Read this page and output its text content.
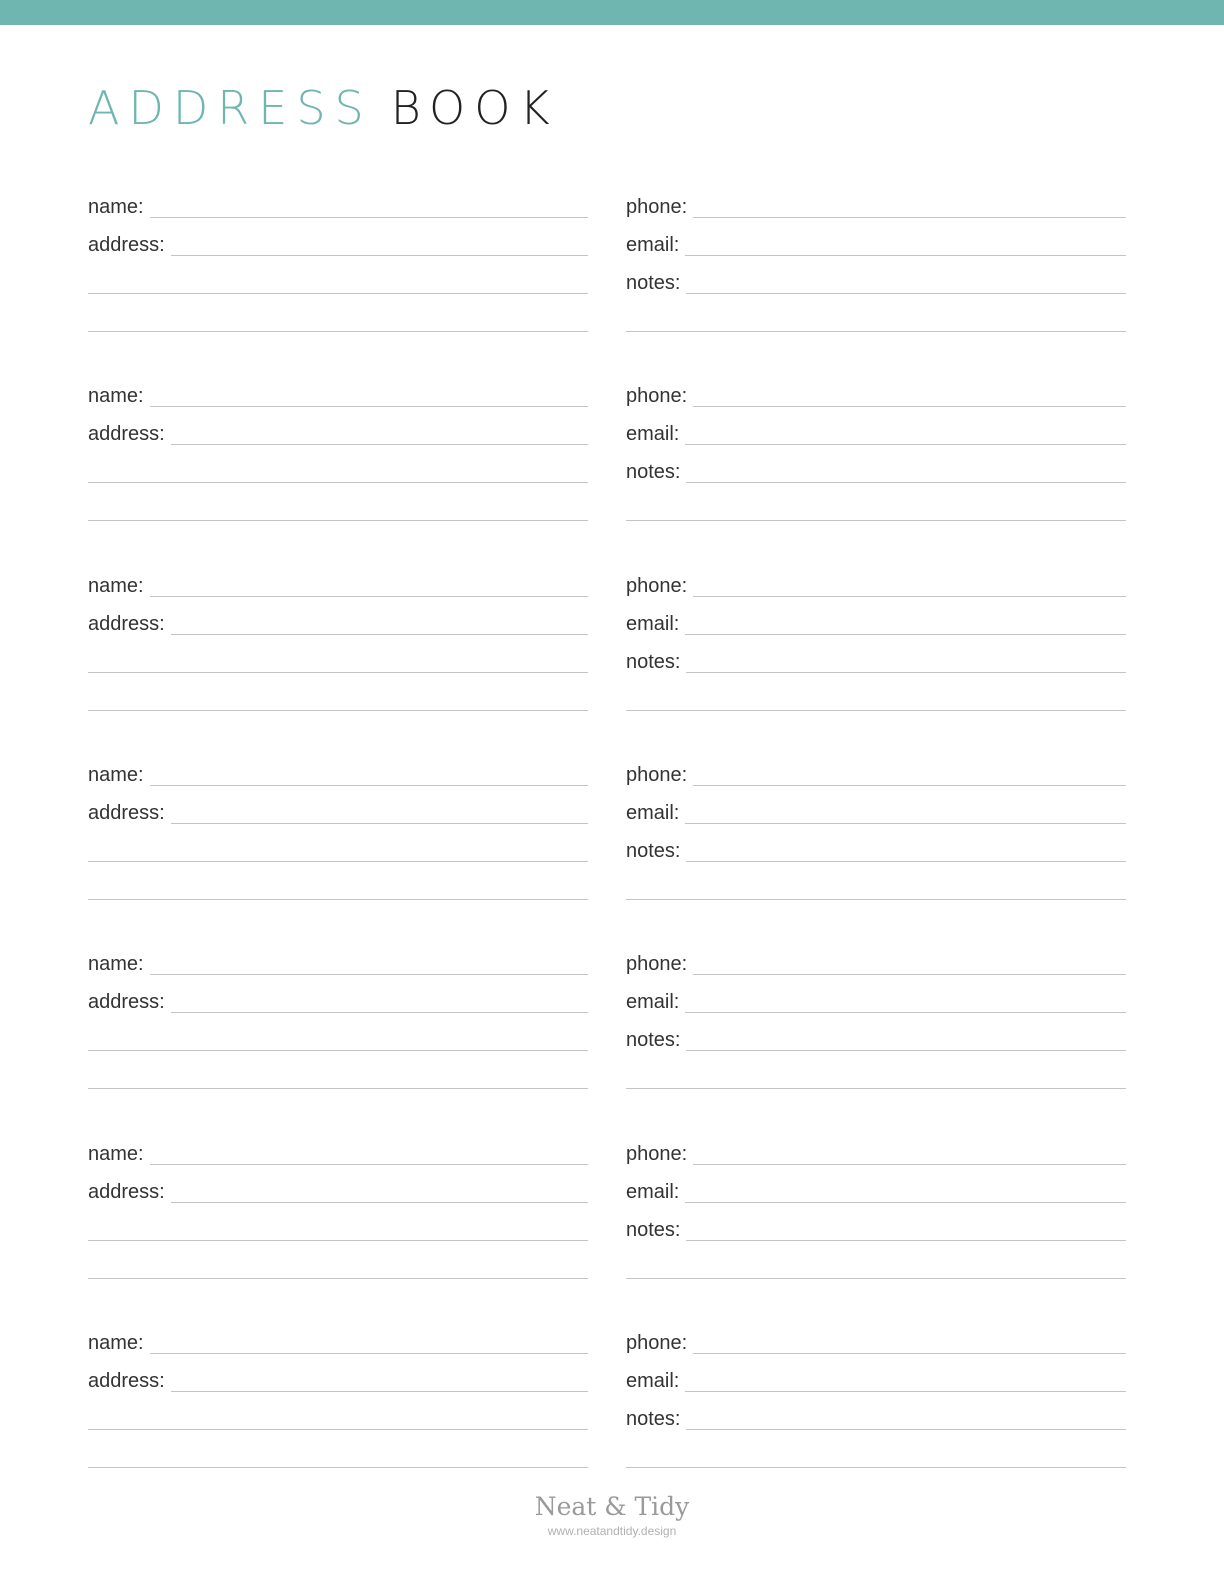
ADDRESS BOOK
name:
address:
phone:
email:
notes:
name:
address:
phone:
email:
notes:
name:
address:
phone:
email:
notes:
name:
address:
phone:
email:
notes:
name:
address:
phone:
email:
notes:
name:
address:
phone:
email:
notes:
name:
address:
phone:
email:
notes:
Neat & Tidy
www.neatandtidy.design
